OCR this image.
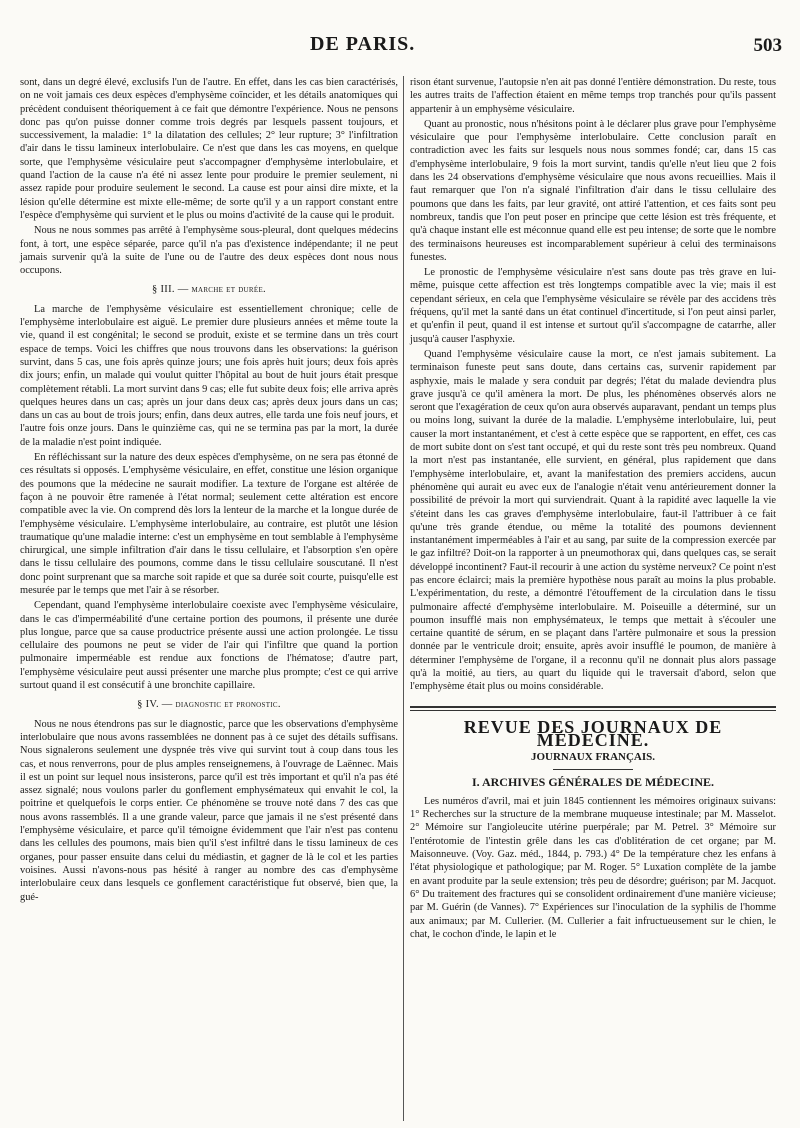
DE PARIS.	503

sont, dans un degré élevé, exclusifs l'un de l'autre. En effet, dans les cas bien caractérisés, on ne voit jamais ces deux espèces d'emphysème coïncider, et les détails anatomiques qui précèdent conduisent théoriquement à ce fait que démontre l'expérience. Nous ne pensons donc pas qu'on puisse donner comme trois degrés par lesquels passent toujours, et successivement, la maladie: 1° la dilatation des cellules; 2° leur rupture; 3° l'infiltration d'air dans le tissu lamineux interlobulaire. Ce n'est que dans les cas moyens, en quelque sorte, que l'emphysème vésiculaire peut s'accompagner d'emphysème interlobulaire, et quand l'action de la cause n'a été ni assez lente pour produire le premier seulement, ni assez rapide pour produire seulement le second. La cause est pour ainsi dire mixte, et la lésion qu'elle détermine est mixte elle-même; de sorte qu'il y a un rapport constant entre l'espèce d'emphysème qui survient et le plus ou moins d'activité de la cause qui le produit.

Nous ne nous sommes pas arrêté à l'emphysème sous-pleural, dont quelques médecins font, à tort, une espèce séparée, parce qu'il n'a pas d'existence indépendante; il ne peut jamais survenir qu'à la suite de l'une ou de l'autre des deux espèces dont nous nous occupons.

§ III. — marche et durée.

La marche de l'emphysème vésiculaire est essentiellement chronique; celle de l'emphysème interlobulaire est aiguë. Le premier dure plusieurs années et même toute la vie, quand il est congénital; le second se produit, existe et se termine dans un très court espace de temps. Voici les chiffres que nous trouvons dans les observations: la guérison survint, dans 5 cas, une fois après quinze jours; une fois après huit jours; deux fois après dix jours; enfin, un malade qui voulut quitter l'hôpital au bout de huit jours était presque complètement rétabli. La mort survint dans 9 cas; elle fut subite deux fois; elle arriva après quelques heures dans un cas; après un jour dans deux cas; après deux jours dans un cas; dans un cas au bout de trois jours; enfin, dans deux autres, elle tarda une fois neuf jours, et l'autre fois onze jours. Dans le quinzième cas, qui ne se termina pas par la mort, la durée de la maladie n'est point indiquée.

En réfléchissant sur la nature des deux espèces d'emphysème, on ne sera pas étonné de ces résultats si opposés. L'emphysème vésiculaire, en effet, constitue une lésion organique des poumons que la médecine ne saurait modifier. La texture de l'organe est altérée de façon à ne pouvoir être ramenée à l'état normal; seulement cette altération est encore compatible avec la vie. On comprend dès lors la lenteur de la marche et la longue durée de l'emphysème vésiculaire. L'emphysème interlobulaire, au contraire, est plutôt une lésion traumatique qu'une maladie interne: c'est un emphysème en tout semblable à l'emphysème chirurgical, une simple infiltration d'air dans le tissu cellulaire, et l'absorption s'en opère dans le tissu cellulaire des poumons, comme dans le tissu cellulaire souscutané. Il n'est donc point surprenant que sa marche soit rapide et que sa durée soit courte, puisqu'elle est mesurée par le temps que met l'air à se résorber.

Cependant, quand l'emphysème interlobulaire coexiste avec l'emphysème vésiculaire, dans le cas d'imperméabilité d'une certaine portion des poumons, il présente une durée plus longue, parce que sa cause productrice présente aussi une action prolongée. Le tissu cellulaire des poumons ne peut se vider de l'air qui l'infiltre que quand la portion pulmonaire imperméable est rendue aux fonctions de l'hématose; d'autre part, l'emphysème vésiculaire peut aussi présenter une marche plus prompte; c'est ce qui arrive surtout quand il est consécutif à une bronchite capillaire.

§ IV. — diagnostic et pronostic.

Nous ne nous étendrons pas sur le diagnostic, parce que les observations d'emphysème interlobulaire que nous avons rassemblées ne donnent pas à ce sujet des détails suffisans. Nous signalerons seulement une dyspnée très vive qui survint tout à coup dans tous les cas, et nous renverrons, pour de plus amples renseignemens, à l'ouvrage de Laënnec. Mais il est un point sur lequel nous insisterons, parce qu'il est très important et qu'il n'a pas été assez signalé; nous voulons parler du gonflement emphysémateux qui envahit le col, la poitrine et quelquefois le corps entier. Ce phénomène se trouve noté dans 7 des cas que nous avons rassemblés. Il a une grande valeur, parce que jamais il ne s'est présenté dans l'emphysème vésiculaire, et parce qu'il témoigne évidemment que l'air n'est pas contenu dans les cellules des poumons, mais bien qu'il s'est infiltré dans le tissu lamineux de ces organes, pour passer ensuite dans celui du médiastin, et gagner de là le col et les parties voisines. Aussi n'avons-nous pas hésité à ranger au nombre des cas d'emphysème interlobulaire ceux dans lesquels ce gonflement caractéristique fut observé, bien que, la gué-

rison étant survenue, l'autopsie n'en ait pas donné l'entière démonstration. Du reste, tous les autres traits de l'affection étaient en même temps trop tranchés pour qu'ils passent appartenir à un emphysème vésiculaire.

Quant au pronostic, nous n'hésitons point à le déclarer plus grave pour l'emphysème vésiculaire que pour l'emphysème interlobulaire. Cette conclusion paraît en contradiction avec les faits sur lesquels nous nous sommes fondé; car, dans 15 cas d'emphysème interlobulaire, 9 fois la mort survint, tandis qu'elle n'eut lieu que 2 fois dans les 24 observations d'emphysème vésiculaire que nous avons recueillies. Mais il faut remarquer que l'on n'a signalé l'infiltration d'air dans le tissu cellulaire des poumons que dans les faits, par leur gravité, ont attiré l'attention, et ces faits sont peu nombreux, tandis que l'on peut poser en principe que cette lésion est très fréquente, et qu'à chaque instant elle est méconnue quand elle est peu intense; de sorte que le nombre des terminaisons heureuses est incomparablement supérieur à celui des terminaisons funestes.

Le pronostic de l'emphysème vésiculaire n'est sans doute pas très grave en lui-même, puisque cette affection est très longtemps compatible avec la vie; mais il est cependant sérieux, en cela que l'emphysème vésiculaire se révèle par des accidens très fréquens, qu'il met la santé dans un état continuel d'incertitude, si l'on peut ainsi parler, et qu'enfin il peut, quand il est intense et surtout qu'il s'accompagne de catarrhe, aller jusqu'à causer l'asphyxie.

Quand l'emphysème vésiculaire cause la mort, ce n'est jamais subitement. La terminaison funeste peut sans doute, dans certains cas, survenir rapidement par asphyxie, mais le malade y sera conduit par degrés; l'état du malade deviendra plus grave jusqu'à ce qu'il amènera la mort. De plus, les phénomènes observés alors ne seront que l'exagération de ceux qu'on aura observés auparavant, pendant un temps plus ou moins long, suivant la durée de la maladie. L'emphysème interlobulaire, lui, peut causer la mort instantanément, et c'est à cette espèce que se rapportent, en effet, ces cas de mort subite dont on s'est tant occupé, et qui du reste sont très peu nombreux. Quand la mort n'est pas instantanée, elle survient, en général, plus rapidement que dans l'emphysème interlobulaire, et, avant la manifestation des premiers accidens, aucun phénomène qui aurait eu avec eux de l'analogie n'était venu antérieurement donner la possibilité de prévoir la mort qui surviendrait. Quant à la rapidité avec laquelle la vie s'éteint dans les cas graves d'emphysème interlobulaire, faut-il l'attribuer à ce fait qu'une très grande étendue, ou même la totalité des poumons deviennent instantanément imperméables à l'air et au sang, par suite de la compression exercée par le gaz infiltré? Doit-on la rapporter à un pneumothorax qui, dans quelques cas, se serait développé incontinent? Faut-il recourir à une action du système nerveux? Ce point n'est pas encore éclairci; mais la première hypothèse nous paraît au moins la plus probable. L'expérimentation, du reste, a démontré l'étouffement de la circulation dans le tissu pulmonaire affecté d'emphysème interlobulaire. M. Poiseuille a déterminé, sur un poumon insufflé mais non emphysémateux, le temps que mettait à s'écouler une certaine quantité de sérum, en se plaçant dans l'artère pulmonaire et sous la pression donnée par le ventricule droit; ensuite, après avoir insufflé le poumon, de manière à déterminer l'emphysème de l'organe, il a reconnu qu'il ne donnait plus alors passage qu'à la moitié, au tiers, au quart du liquide qui le traversait d'abord, selon que l'emphysème était plus ou moins considérable.

REVUE DES JOURNAUX DE MÉDECINE.
JOURNAUX FRANÇAIS.
I. ARCHIVES GÉNÉRALES DE MÉDECINE.

Les numéros d'avril, mai et juin 1845 contiennent les mémoires originaux suivans: 1° Recherches sur la structure de la membrane muqueuse intestinale; par M. Masselot. 2° Mémoire sur l'angioleucite utérine puerpérale; par M. Petrel. 3° Mémoire sur l'entérotomie de l'intestin grêle dans les cas d'oblitération de cet organe; par M. Maisonneuve. (Voy. Gaz. méd., 1844, p. 793.) 4° De la température chez les enfans à l'état physiologique et pathologique; par M. Roger. 5° Luxation complète de la jambe en avant produite par la seule extension; très peu de désordre; guérison; par M. Jacquot. 6° Du traitement des fractures qui se consolident ordinairement d'une manière vicieuse; par M. Guérin (de Vannes). 7° Expériences sur l'inoculation de la syphilis de l'homme aux animaux; par M. Cullerier. (M. Cullerier a fait infructueusement sur le chien, le chat, le cochon d'inde, le lapin et le
